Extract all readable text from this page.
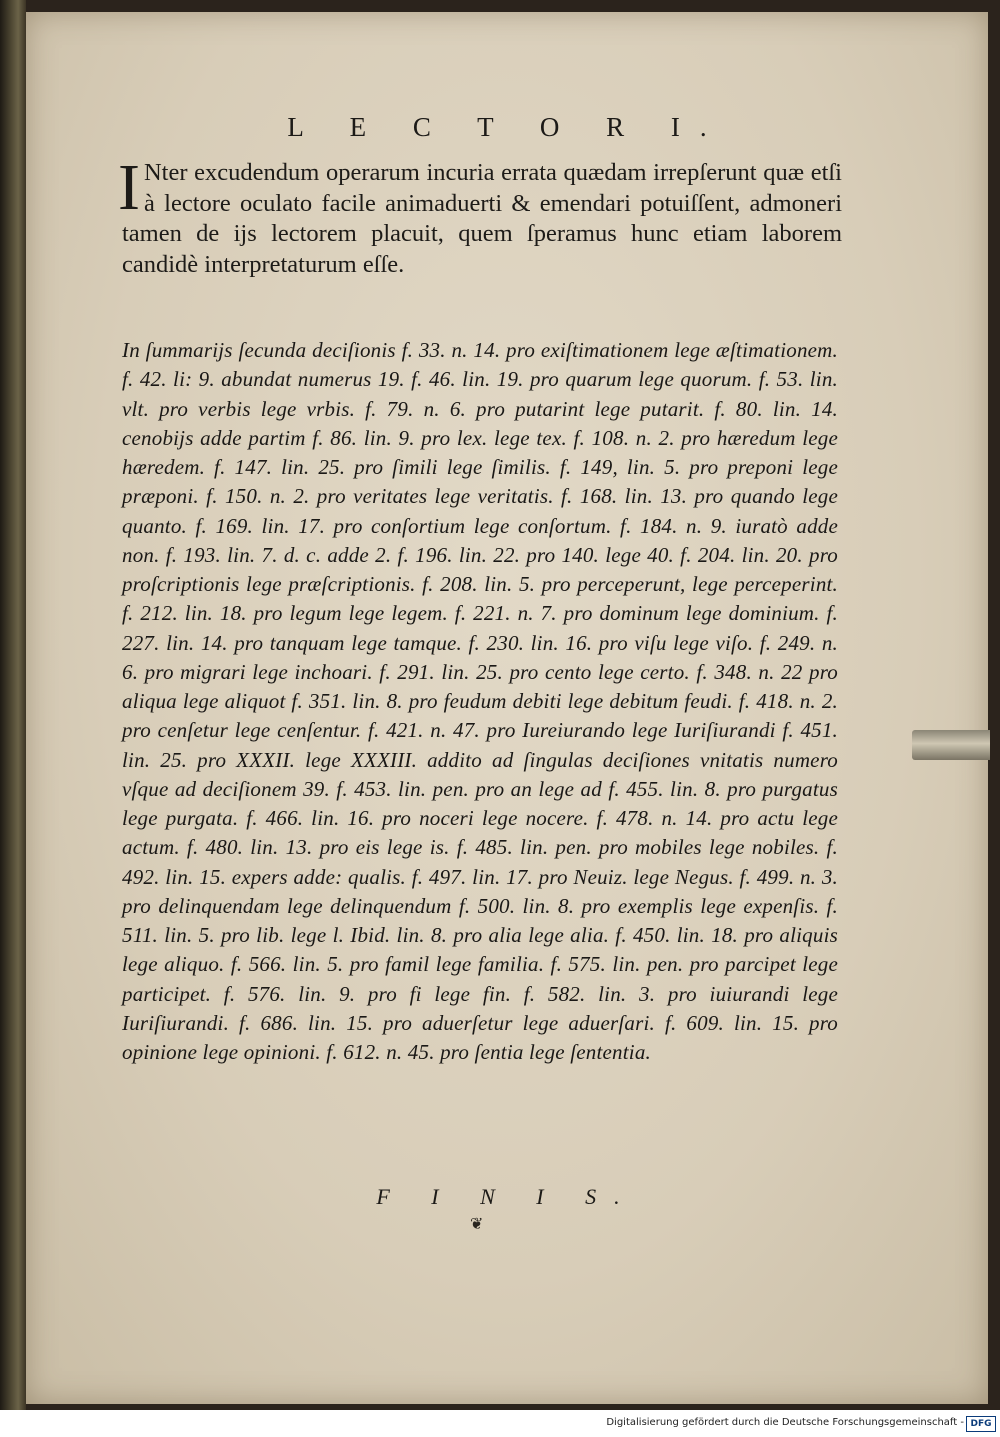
L E C T O R I.
I Nter excudendum operarum incuria errata quædam irrepſerunt quæ etſi à lectore oculato facile animaduerti & emendari potuiſſent, admoneri tamen de ijs lectorem placuit, quem ſperamus hunc etiam laborem candidè interpretaturum eſſe.
In ſummarijs ſecunda deciſionis f. 33. n. 14. pro exiſtimationem lege æſtimationem. f. 42. li: 9. abundat numerus 19. f. 46. lin. 19. pro quarum lege quorum. f. 53. lin. vlt. pro verbis lege vrbis. f. 79. n. 6. pro putarint lege putarit. f. 80. lin. 14. cenobijs adde partim f. 86. lin. 9. pro lex. lege tex. f. 108. n. 2. pro hæredum lege hæredem. f. 147. lin. 25. pro ſimili lege ſimilis. f. 149, lin. 5. pro preponi lege præponi. f. 150. n. 2. pro veritates lege veritatis. f. 168. lin. 13. pro quando lege quanto. f. 169. lin. 17. pro conſortium lege conſortum. f. 184. n. 9. iuratò adde non. f. 193. lin. 7. d. c. adde 2. f. 196. lin. 22. pro 140. lege 40. f. 204. lin. 20. pro proſcriptionis lege præſcriptionis. f. 208. lin. 5. pro perceperunt, lege perceperint. f. 212. lin. 18. pro legum lege legem. f. 221. n. 7. pro dominum lege dominium. f. 227. lin. 14. pro tanquam lege tamque. f. 230. lin. 16. pro viſu lege viſo. f. 249. n. 6. pro migrari lege inchoari. f. 291. lin. 25. pro cento lege certo. f. 348. n. 22 pro aliqua lege aliquot f. 351. lin. 8. pro feudum debiti lege debitum feudi. f. 418. n. 2. pro cenſetur lege cenſentur. f. 421. n. 47. pro Iureiurando lege Iuriſiurandi f. 451. lin. 25. pro XXXII. lege XXXIII. addito ad ſingulas deciſiones vnitatis numero vſque ad deciſionem 39. f. 453. lin. pen. pro an lege ad f. 455. lin. 8. pro purgatus lege purgata. f. 466. lin. 16. pro noceri lege nocere. f. 478. n. 14. pro actu lege actum. f. 480. lin. 13. pro eis lege is. f. 485. lin. pen. pro mobiles lege nobiles. f. 492. lin. 15. expers adde: qualis. f. 497. lin. 17. pro Neuiz. lege Negus. f. 499. n. 3. pro delinquendam lege delinquendum f. 500. lin. 8. pro exemplis lege expenſis. f. 511. lin. 5. pro lib. lege l. Ibid. lin. 8. pro alia lege alia. f. 450. lin. 18. pro aliquis lege aliquo. f. 566. lin. 5. pro famil lege familia. f. 575. lin. pen. pro parcipet lege participet. f. 576. lin. 9. pro fi lege fin. f. 582. lin. 3. pro iuiurandi lege Iuriſiurandi. f. 686. lin. 15. pro aduerſetur lege aduerſari. f. 609. lin. 15. pro opinione lege opinioni. f. 612. n. 45. pro ſentia lege ſententia.
F I N I S.
❦
Digitalisierung gefördert durch die Deutsche Forschungsgemeinschaft - DFG
